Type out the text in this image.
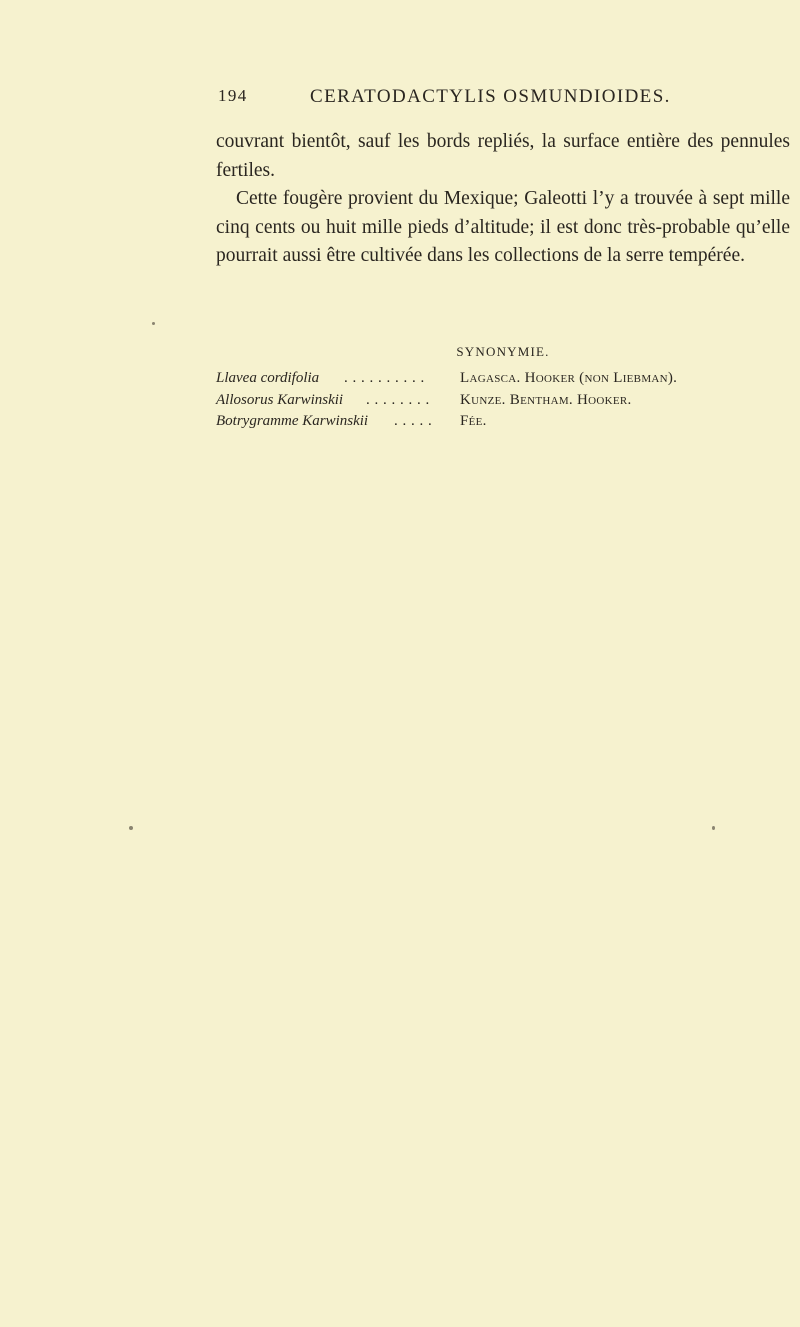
194	CERATODACTYLIS OSMUNDIOIDES.

couvrant bientôt, sauf les bords repliés, la surface entière des pennules fertiles.

Cette fougère provient du Mexique; Galeotti l’y a trouvée à sept mille cinq cents ou huit mille pieds d’altitude; il est donc très-probable qu’elle pourrait aussi être cultivée dans les collections de la serre tempérée.

SYNONYMIE.
Llavea cordifolia . . . . . . . . . . Lagasca. Hooker (non Liebman).
Allosorus Karwinskii . . . . . . . . Kunze. Bentham. Hooker.
Botrygramme Karwinskii . . . . . Fée.
